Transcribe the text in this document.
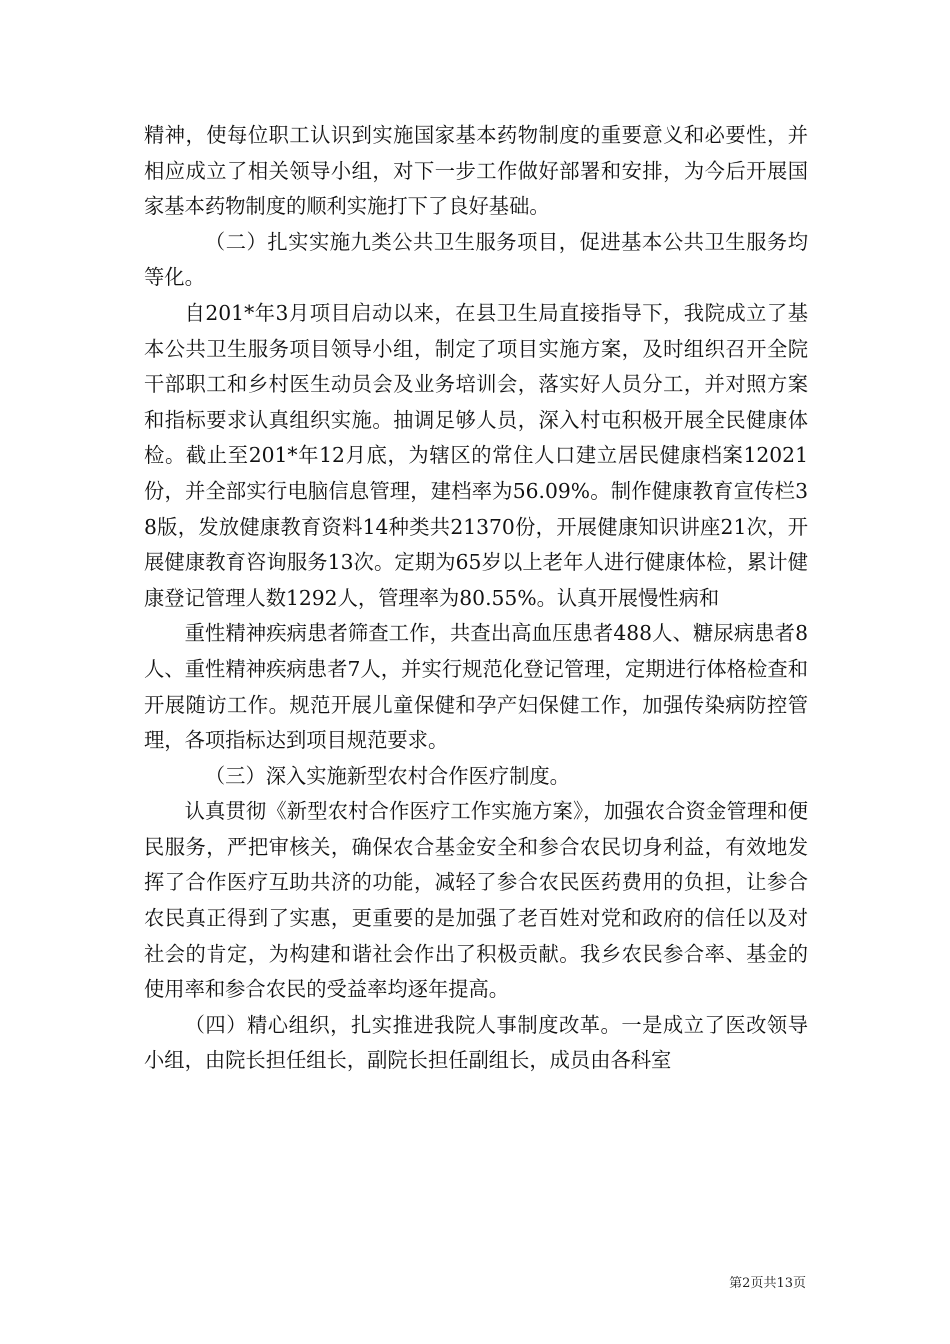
精神，使每位职工认识到实施国家基本药物制度的重要意义和必要性，并相应成立了相关领导小组，对下一步工作做好部署和安排，为今后开展国家基本药物制度的顺利实施打下了良好基础。

（二）扎实实施九类公共卫生服务项目，促进基本公共卫生服务均等化。

自201*年3月项目启动以来，在县卫生局直接指导下，我院成立了基本公共卫生服务项目领导小组，制定了项目实施方案，及时组织召开全院干部职工和乡村医生动员会及业务培训会，落实好人员分工，并对照方案和指标要求认真组织实施。抽调足够人员，深入村屯积极开展全民健康体检。截止至201*年12月底，为辖区的常住人口建立居民健康档案12021份，并全部实行电脑信息管理，建档率为56.09%。制作健康教育宣传栏38版，发放健康教育资料14种类共21370份，开展健康知识讲座21次，开展健康教育咨询服务13次。定期为65岁以上老年人进行健康体检，累计健康登记管理人数1292人，管理率为80.55%。认真开展慢性病和

重性精神疾病患者筛查工作，共查出高血压患者488人、糖尿病患者8人、重性精神疾病患者7人，并实行规范化登记管理，定期进行体格检查和开展随访工作。规范开展儿童保健和孕产妇保健工作，加强传染病防控管理，各项指标达到项目规范要求。

（三）深入实施新型农村合作医疗制度。

认真贯彻《新型农村合作医疗工作实施方案》，加强农合资金管理和便民服务，严把审核关，确保农合基金安全和参合农民切身利益，有效地发挥了合作医疗互助共济的功能，减轻了参合农民医药费用的负担，让参合农民真正得到了实惠，更重要的是加强了老百姓对党和政府的信任以及对社会的肯定，为构建和谐社会作出了积极贡献。我乡农民参合率、基金的使用率和参合农民的受益率均逐年提高。

（四）精心组织，扎实推进我院人事制度改革。一是成立了医改领导小组，由院长担任组长，副院长担任副组长，成员由各科室

第2页共13页
